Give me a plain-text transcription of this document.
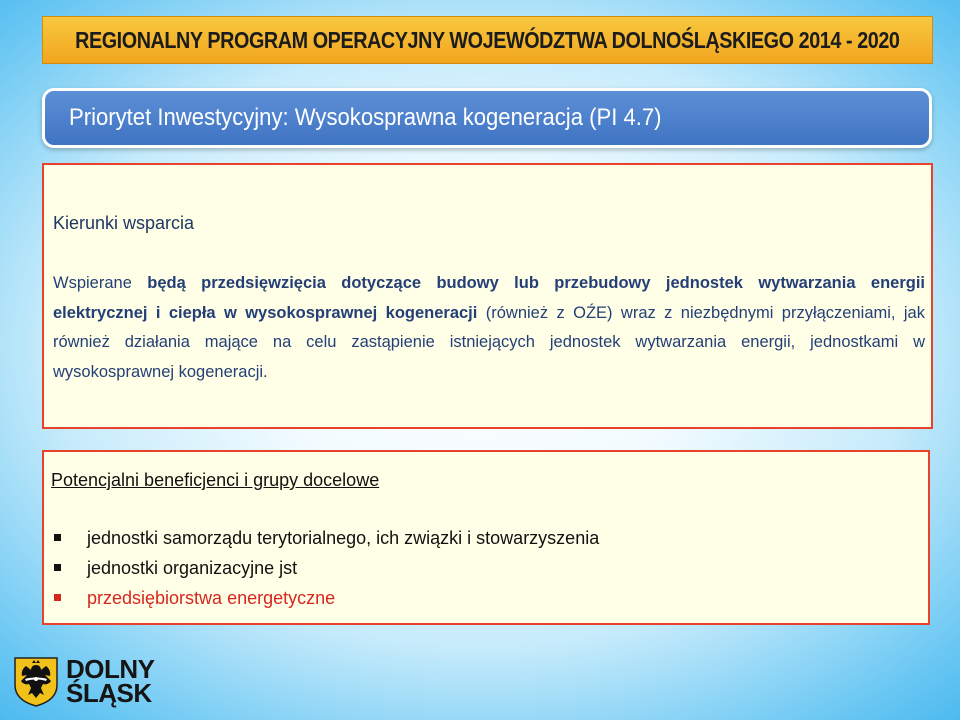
REGIONALNY PROGRAM OPERACYJNY WOJEWÓDZTWA DOLNOŚLĄSKIEGO 2014 - 2020
Priorytet Inwestycyjny: Wysokosprawna kogeneracja (PI 4.7)
Kierunki wsparcia

Wspierane będą przedsięwzięcia dotyczące budowy lub przebudowy jednostek wytwarzania energii elektrycznej i ciepła w wysokosprawnej kogeneracji (również z OŹE) wraz z niezbędnymi przyłączeniami, jak również działania mające na celu zastąpienie istniejących jednostek wytwarzania energii, jednostkami w wysokosprawnej kogeneracji.

Potencjalni beneficjenci i grupy docelowe
jednostki samorządu terytorialnego, ich związki i stowarzyszenia
jednostki organizacyjne jst
przedsiębiorstwa energetyczne
DOLNY
ŚLĄSK
